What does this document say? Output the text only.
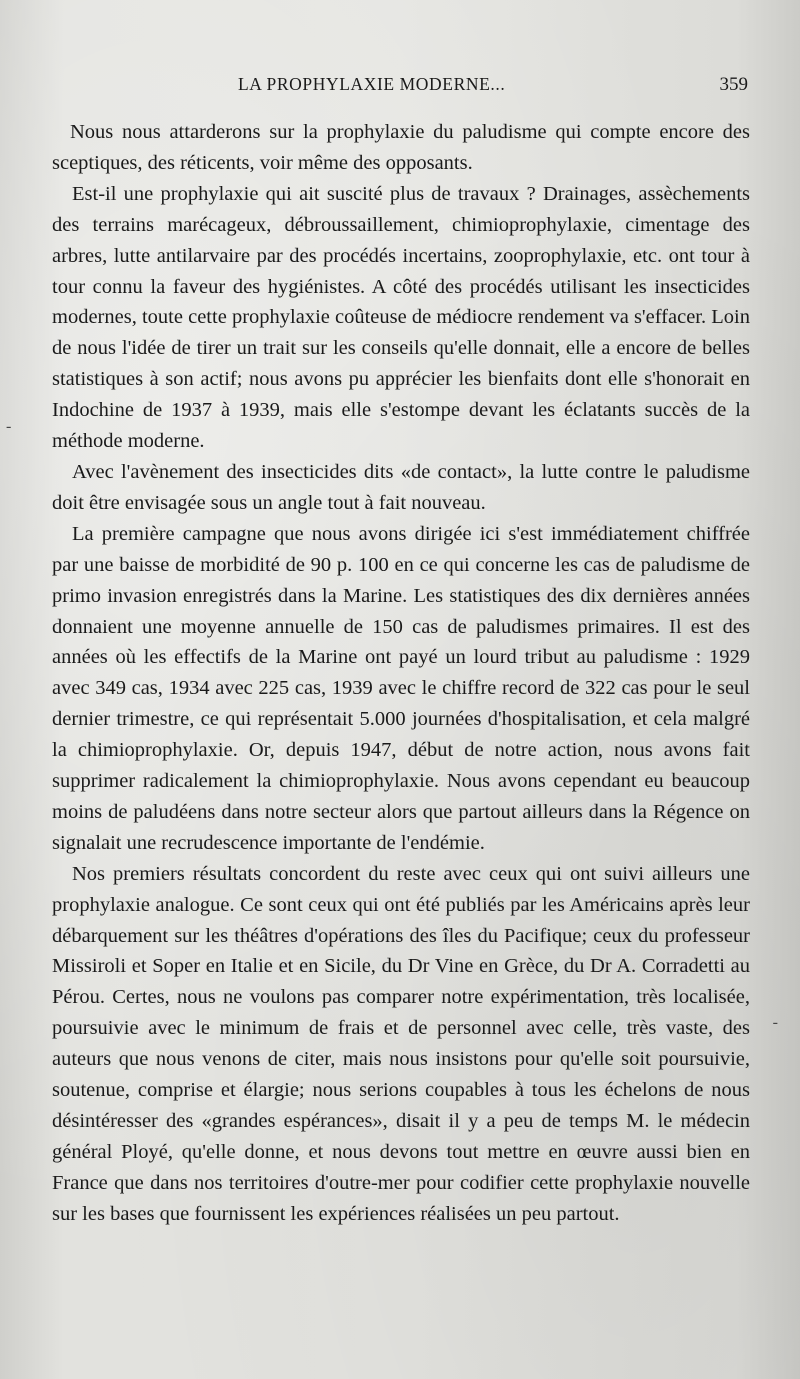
LA PROPHYLAXIE MODERNE...	359

Nous nous attarderons sur la prophylaxie du paludisme qui compte encore des sceptiques, des réticents, voir même des opposants.

Est-il une prophylaxie qui ait suscité plus de travaux ? Drainages, assèchements des terrains marécageux, débroussaillement, chimioprophylaxie, cimentage des arbres, lutte antilarvaire par des procédés incertains, zooprophylaxie, etc. ont tour à tour connu la faveur des hygiénistes. A côté des procédés utilisant les insecticides modernes, toute cette prophylaxie coûteuse de médiocre rendement va s'effacer. Loin de nous l'idée de tirer un trait sur les conseils qu'elle donnait, elle a encore de belles statistiques à son actif; nous avons pu apprécier les bienfaits dont elle s'honorait en Indochine de 1937 à 1939, mais elle s'estompe devant les éclatants succès de la méthode moderne.

Avec l'avènement des insecticides dits «de contact», la lutte contre le paludisme doit être envisagée sous un angle tout à fait nouveau.

La première campagne que nous avons dirigée ici s'est immédiatement chiffrée par une baisse de morbidité de 90 p. 100 en ce qui concerne les cas de paludisme de primo invasion enregistrés dans la Marine. Les statistiques des dix dernières années donnaient une moyenne annuelle de 150 cas de paludismes primaires. Il est des années où les effectifs de la Marine ont payé un lourd tribut au paludisme : 1929 avec 349 cas, 1934 avec 225 cas, 1939 avec le chiffre record de 322 cas pour le seul dernier trimestre, ce qui représentait 5.000 journées d'hospitalisation, et cela malgré la chimioprophylaxie. Or, depuis 1947, début de notre action, nous avons fait supprimer radicalement la chimioprophylaxie. Nous avons cependant eu beaucoup moins de paludéens dans notre secteur alors que partout ailleurs dans la Régence on signalait une recrudescence importante de l'endémie.

Nos premiers résultats concordent du reste avec ceux qui ont suivi ailleurs une prophylaxie analogue. Ce sont ceux qui ont été publiés par les Américains après leur débarquement sur les théâtres d'opérations des îles du Pacifique; ceux du professeur Missiroli et Soper en Italie et en Sicile, du Dr Vine en Grèce, du Dr A. Corradetti au Pérou. Certes, nous ne voulons pas comparer notre expérimentation, très localisée, poursuivie avec le minimum de frais et de personnel avec celle, très vaste, des auteurs que nous venons de citer, mais nous insistons pour qu'elle soit poursuivie, soutenue, comprise et élargie; nous serions coupables à tous les échelons de nous désintéresser des «grandes espérances», disait il y a peu de temps M. le médecin général Ployé, qu'elle donne, et nous devons tout mettre en œuvre aussi bien en France que dans nos territoires d'outre-mer pour codifier cette prophylaxie nouvelle sur les bases que fournissent les expériences réalisées un peu partout.

-
-
